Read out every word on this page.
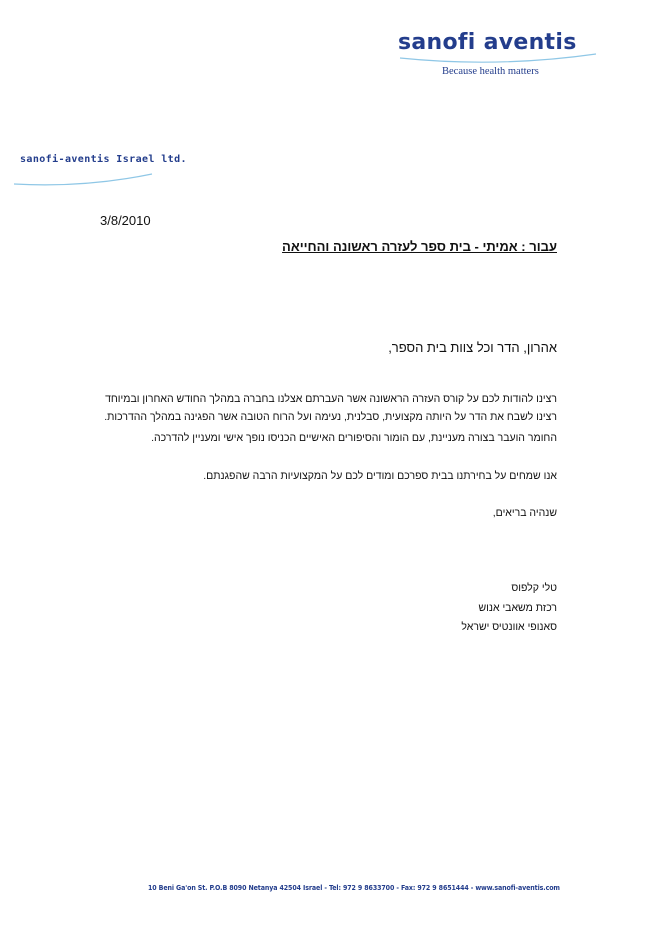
sanofi aventis
Because health matters
sanofi-aventis Israel ltd.
3/8/2010
עבור : אמיתי - בית ספר לעזרה ראשונה והחייאה
אהרון, הדר וכל צוות בית הספר,
רצינו להודות לכם על קורס העזרה הראשונה אשר העברתם אצלנו בחברה במהלך החודש האחרון ובמיוחד
רצינו לשבח את הדר על היותה מקצועית, סבלנית, נעימה ועל הרוח הטובה אשר הפגינה במהלך ההדרכות.
החומר הועבר בצורה מעניינת, עם הומור והסיפורים האישיים הכניסו נופך אישי ומעניין להדרכה.
אנו שמחים על בחירתנו בבית ספרכם ומודים לכם על המקצועיות הרבה שהפגנתם.
שנהיה בריאים,
טלי קלפוס
רכזת משאבי אנוש
סאנופי אוונטיס ישראל
10 Beni Ga'on St. P.O.B 8090 Netanya 42504 Israel - Tel: 972 9 8633700 - Fax: 972 9 8651444 - www.sanofi-aventis.com
